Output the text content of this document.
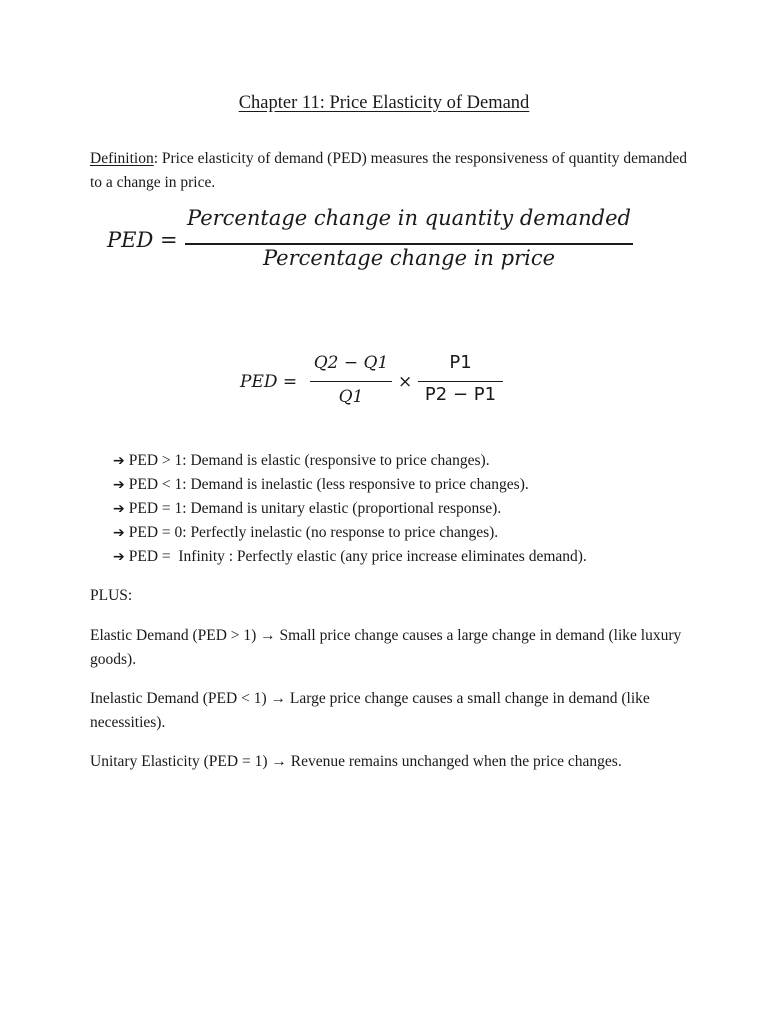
Chapter 11: Price Elasticity of Demand
Definition: Price elasticity of demand (PED) measures the responsiveness of quantity demanded to a change in price.
PED =
Percentage change in quantity demanded
Percentage change in price
PED =
Q2 − Q1
Q1
×
P1
P2 − P1
➔ PED > 1: Demand is elastic (responsive to price changes).
➔ PED < 1: Demand is inelastic (less responsive to price changes).
➔ PED = 1: Demand is unitary elastic (proportional response).
➔ PED = 0: Perfectly inelastic (no response to price changes).
➔ PED =  Infinity : Perfectly elastic (any price increase eliminates demand).
PLUS:
Elastic Demand (PED > 1) → Small price change causes a large change in demand (like luxury goods).
Inelastic Demand (PED < 1) → Large price change causes a small change in demand (like necessities).
Unitary Elasticity (PED = 1) → Revenue remains unchanged when the price changes.
